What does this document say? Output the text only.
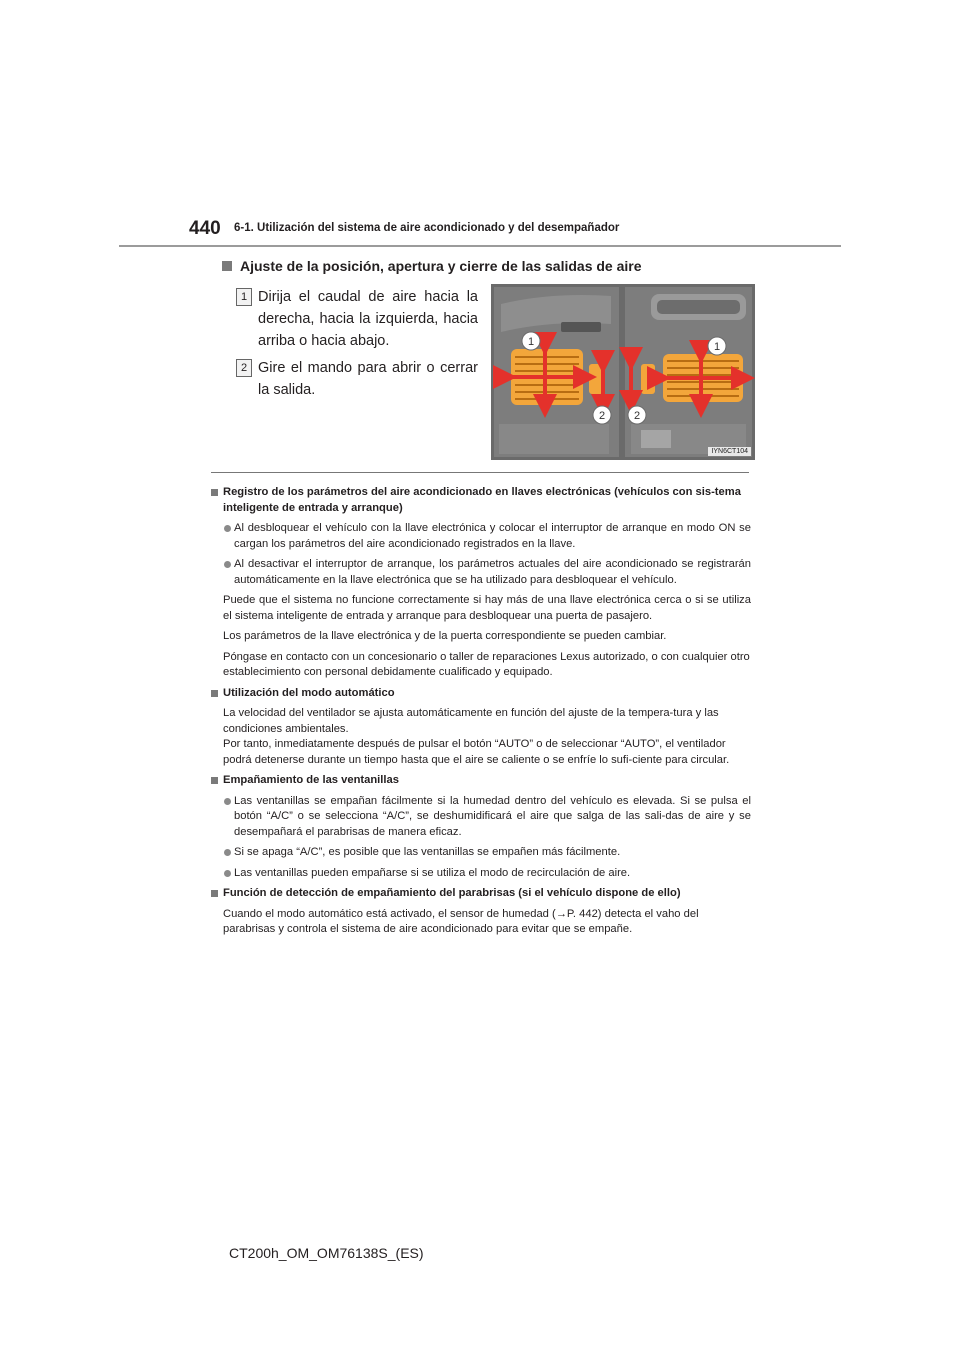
440 6-1. Utilización del sistema de aire acondicionado y del desempañador
Ajuste de la posición, apertura y cierre de las salidas de aire
1 Dirija el caudal de aire hacia la derecha, hacia la izquierda, hacia arriba o hacia abajo.
2 Gire el mando para abrir o cerrar la salida.
1	1
2	2
IYN6CT104
Registro de los parámetros del aire acondicionado en llaves electrónicas (vehículos con sis-tema inteligente de entrada y arranque)
Al desbloquear el vehículo con la llave electrónica y colocar el interruptor de arranque en modo ON se cargan los parámetros del aire acondicionado registrados en la llave.
Al desactivar el interruptor de arranque, los parámetros actuales del aire acondicionado se registrarán automáticamente en la llave electrónica que se ha utilizado para desbloquear el vehículo.
Puede que el sistema no funcione correctamente si hay más de una llave electrónica cerca o si se utiliza el sistema inteligente de entrada y arranque para desbloquear una puerta de pasajero.
Los parámetros de la llave electrónica y de la puerta correspondiente se pueden cambiar.
Póngase en contacto con un concesionario o taller de reparaciones Lexus autorizado, o con cualquier otro establecimiento con personal debidamente cualificado y equipado.
Utilización del modo automático
La velocidad del ventilador se ajusta automáticamente en función del ajuste de la tempera-tura y las condiciones ambientales.
Por tanto, inmediatamente después de pulsar el botón “AUTO” o de seleccionar “AUTO”, el ventilador podrá detenerse durante un tiempo hasta que el aire se caliente o se enfríe lo sufi-ciente para circular.
Empañamiento de las ventanillas
Las ventanillas se empañan fácilmente si la humedad dentro del vehículo es elevada. Si se pulsa el botón “A/C” o se selecciona “A/C”, se deshumidificará el aire que salga de las sali-das de aire y se desempañará el parabrisas de manera eficaz.
Si se apaga “A/C”, es posible que las ventanillas se empañen más fácilmente.
Las ventanillas pueden empañarse si se utiliza el modo de recirculación de aire.
Función de detección de empañamiento del parabrisas (si el vehículo dispone de ello)
Cuando el modo automático está activado, el sensor de humedad (→P. 442) detecta el vaho del parabrisas y controla el sistema de aire acondicionado para evitar que se empañe.
CT200h_OM_OM76138S_(ES)
